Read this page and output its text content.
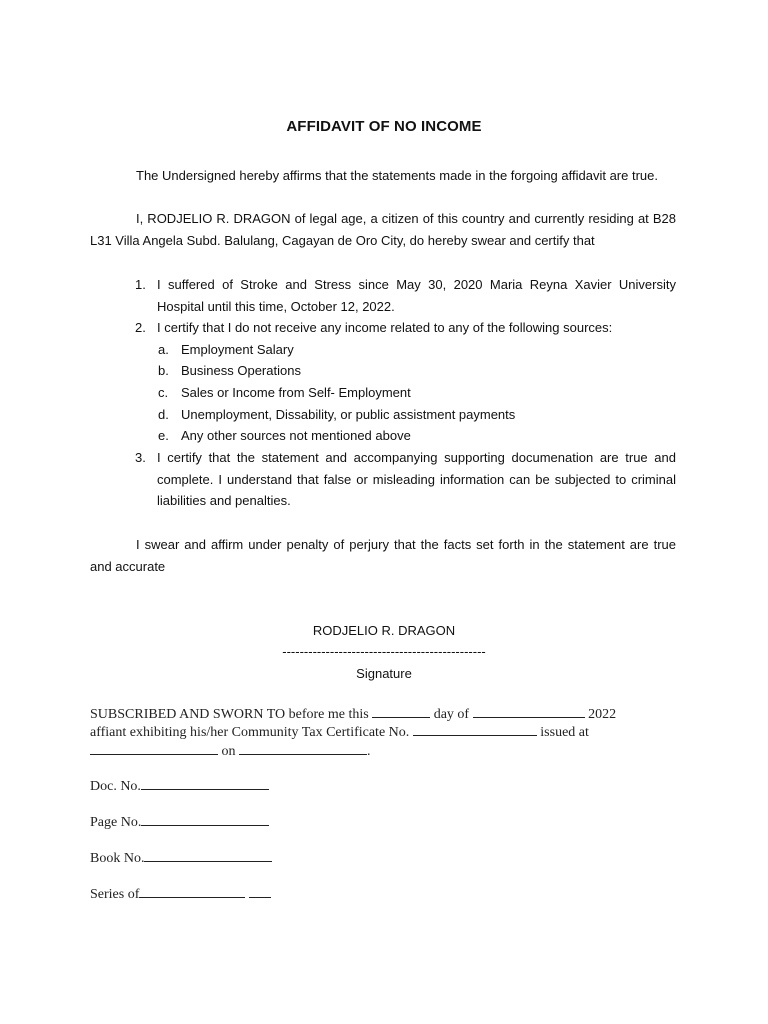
AFFIDAVIT OF NO INCOME
The Undersigned hereby affirms that the statements made in the forgoing affidavit are true.
I, RODJELIO R. DRAGON of legal age, a citizen of this country and currently residing at B28 L31 Villa Angela Subd. Balulang, Cagayan de Oro City, do hereby swear and certify that
1. I suffered of Stroke and Stress since May 30, 2020 Maria Reyna Xavier University Hospital until this time, October 12, 2022.
2. I certify that I do not receive any income related to any of the following sources:
a. Employment Salary
b. Business Operations
c. Sales or Income from Self- Employment
d. Unemployment, Dissability, or public assistment payments
e. Any other sources not mentioned above
3. I certify that the statement and accompanying supporting documenation are true and complete. I understand that false or misleading information can be subjected to criminal liabilities and penalties.
I swear and affirm under penalty of perjury that the facts set forth in the statement are true and accurate
RODJELIO R. DRAGON
-----------------------------------------------
Signature
SUBSCRIBED AND SWORN TO before me this	day of	2022
affiant exhibiting his/her Community Tax Certificate No.	issued at
on	.
Doc. No.
Page No.
Book No.
Series of
